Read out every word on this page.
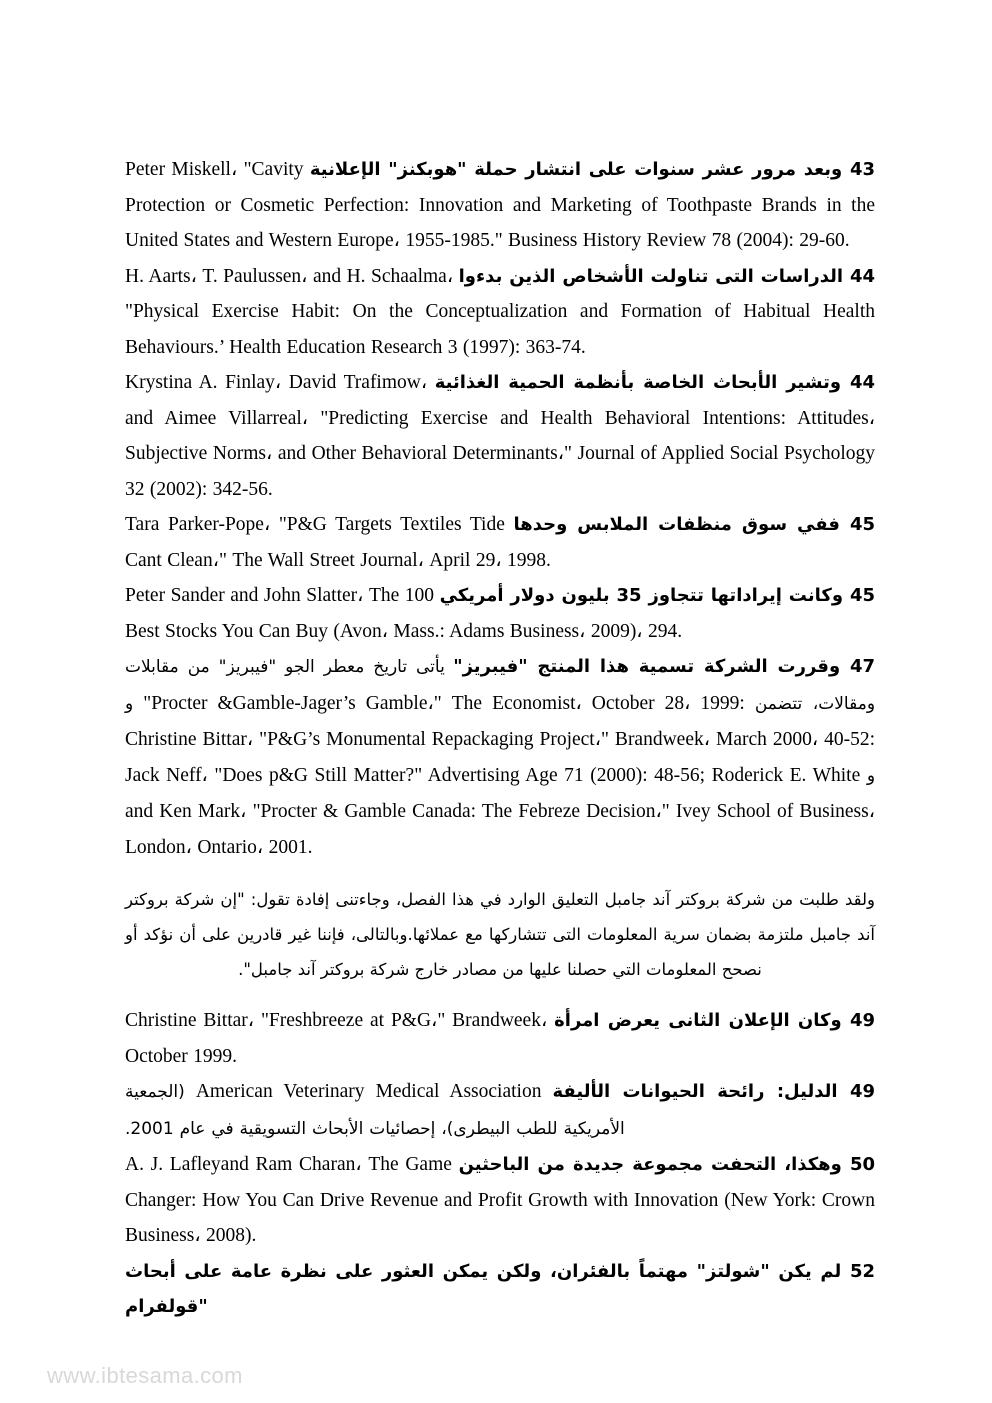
43 وبعد مرور عشر سنوات على انتشار حملة "هوبكنز" الإعلانية Peter Miskell، "Cavity Protection or Cosmetic Perfection: Innovation and Marketing of Toothpaste Brands in the United States and Western Europe، 1955-1985." Business History Review 78 (2004): 29-60.

44 الدراسات التى تناولت الأشخاص الذين بدءوا H. Aarts، T. Paulussen، and H. Schaalma، "Physical Exercise Habit: On the Conceptualization and Formation of Habitual Health Behaviours.’ Health Education Research 3 (1997): 363-74.

44 وتشير الأبحاث الخاصة بأنظمة الحمية الغذائية Krystina A. Finlay، David Trafimow، and Aimee Villarreal، "Predicting Exercise and Health Behavioral Intentions: Attitudes، Subjective Norms، and Other Behavioral Determinants،" Journal of Applied Social Psychology 32 (2002): 342-56.

45 ففي سوق منظفات الملابس وحدها Tara Parker-Pope، "P&G Targets Textiles Tide Cant Clean،" The Wall Street Journal، April 29، 1998.

45 وكانت إيراداتها تتجاوز 35 بليون دولار أمريكي Peter Sander and John Slatter، The 100 Best Stocks You Can Buy (Avon، Mass.: Adams Business، 2009)، 294.

47 وقررت الشركة تسمية هذا المنتج "فيبريز" يأتى تاريخ معطر الجو "فيبريز" من مقابلات ومقالات، تتضمن "Procter &Gamble-Jager’s Gamble،" The Economist، October 28، 1999: و Christine Bittar، "P&G’s Monumental Repackaging Project،" Brandweek، March 2000، 40-52: و Jack Neff، "Does p&G Still Matter?" Advertising Age 71 (2000): 48-56; Roderick E. White and Ken Mark، "Procter & Gamble Canada: The Febreze Decision،" Ivey School of Business، London، Ontario، 2001.

ولقد طلبت من شركة بروكتر آند جامبل التعليق الوارد في هذا الفصل، وجاءتنى إفادة تقول: "إن شركة بروكتر آند جامبل ملتزمة بضمان سرية المعلومات التى تتشاركها مع عملائها.وبالتالى، فإننا غير قادرين على أن نؤكد أو نصحح المعلومات التي حصلنا عليها من مصادر خارج شركة بروكتر آند جامبل".

49 وكان الإعلان الثانى يعرض امرأة Christine Bittar، "Freshbreeze at P&G،" Brandweek، October 1999.

49 الدليل: رائحة الحيوانات الأليفة American Veterinary Medical Association (الجمعية الأمريكية للطب البيطرى)، إحصائيات الأبحاث التسويقية في عام 2001.

50 وهكذا، التحفت مجموعة جديدة من الباحثين A. J. Lafleyand Ram Charan، The Game Changer: How You Can Drive Revenue and Profit Growth with Innovation (New York: Crown Business، 2008).

52 لم يكن "شولتز" مهتماً بالفئران، ولكن يمكن العثور على نظرة عامة على أبحاث "قولفرام

www.ibtesama.com
